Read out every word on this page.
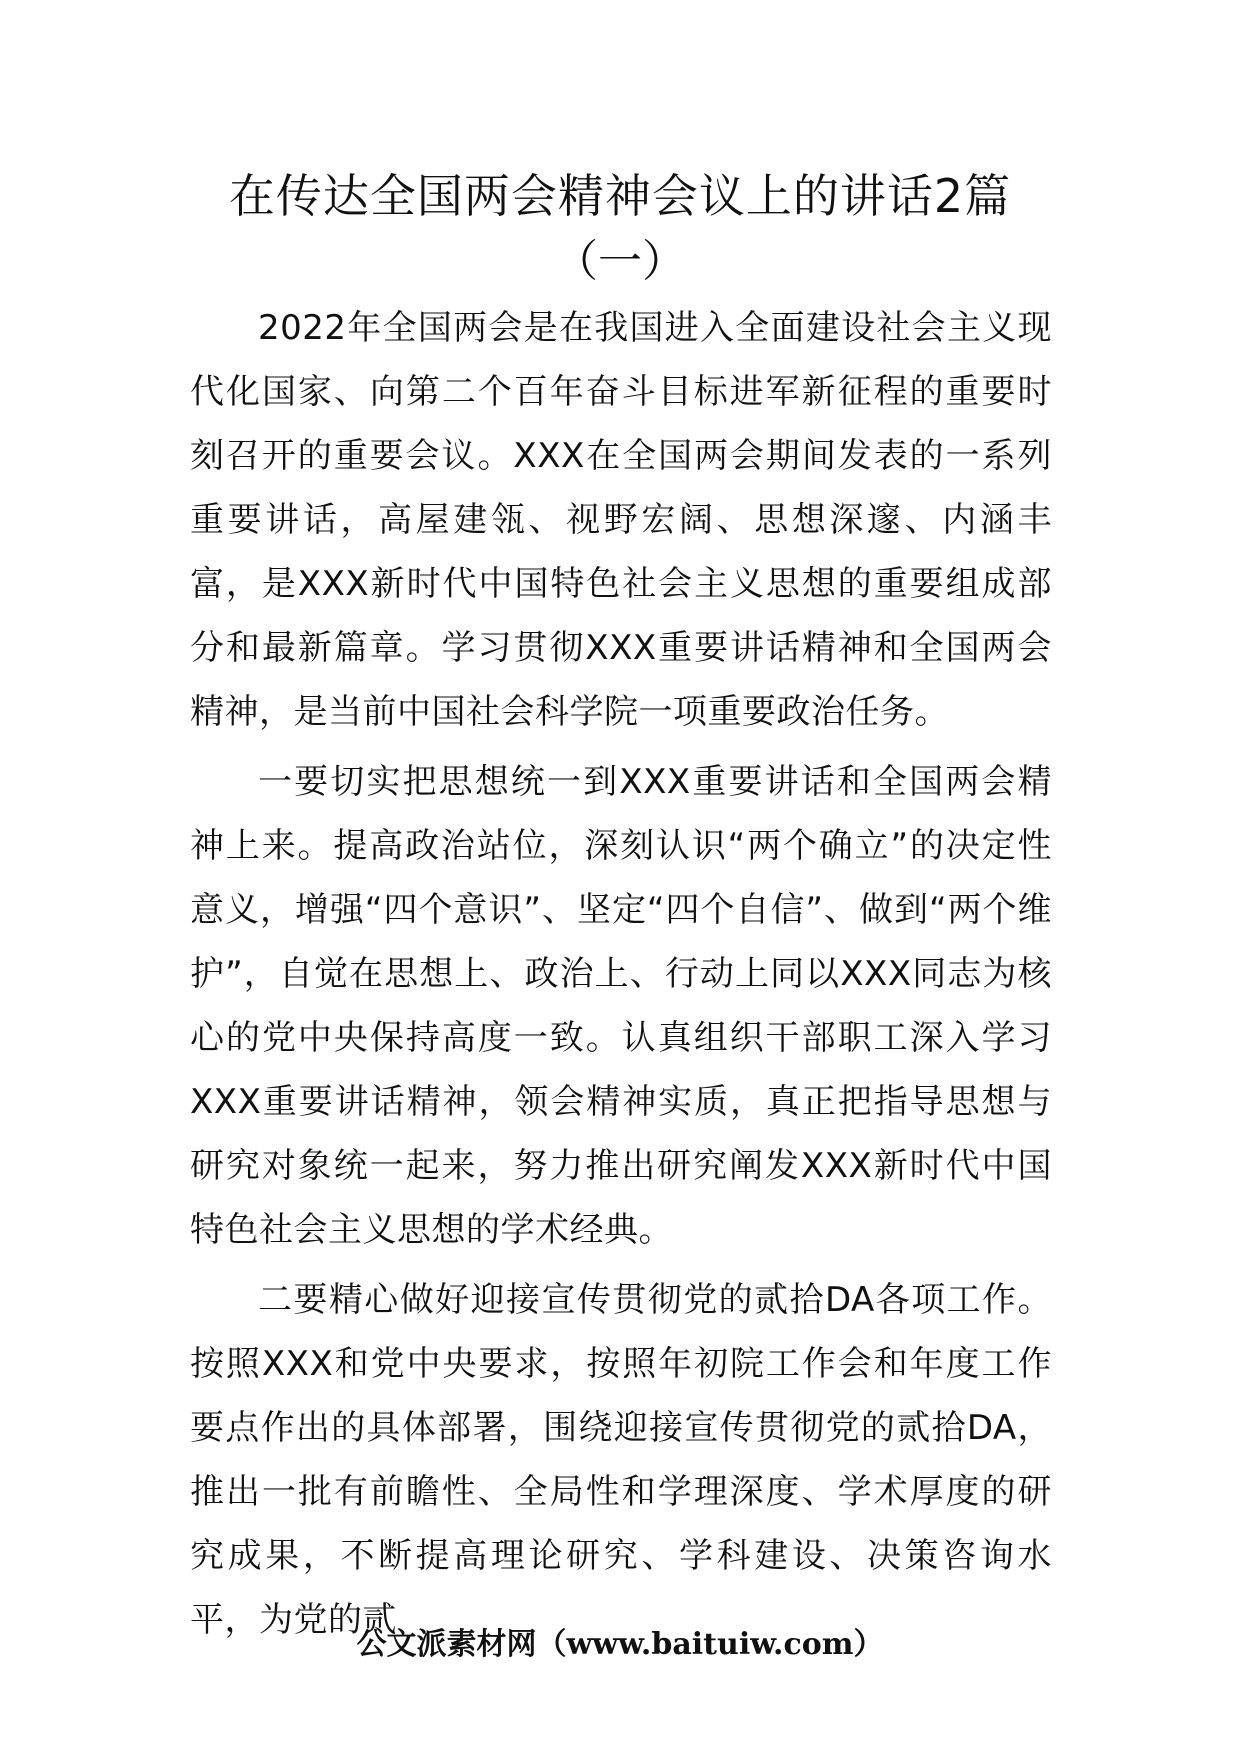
在传达全国两会精神会议上的讲话2篇
（一）

2022年全国两会是在我国进入全面建设社会主义现代化国家、向第二个百年奋斗目标进军新征程的重要时刻召开的重要会议。XXX在全国两会期间发表的一系列重要讲话，高屋建瓴、视野宏阔、思想深邃、内涵丰富，是XXX新时代中国特色社会主义思想的重要组成部分和最新篇章。学习贯彻XXX重要讲话精神和全国两会精神，是当前中国社会科学院一项重要政治任务。

一要切实把思想统一到XXX重要讲话和全国两会精神上来。提高政治站位，深刻认识“两个确立”的决定性意义，增强“四个意识”、坚定“四个自信”、做到“两个维护”，自觉在思想上、政治上、行动上同以XXX同志为核心的党中央保持高度一致。认真组织干部职工深入学习XXX重要讲话精神，领会精神实质，真正把指导思想与研究对象统一起来，努力推出研究阐发XXX新时代中国特色社会主义思想的学术经典。

二要精心做好迎接宣传贯彻党的贰拾DA各项工作。按照XXX和党中央要求，按照年初院工作会和年度工作要点作出的具体部署，围绕迎接宣传贯彻党的贰拾DA，推出一批有前瞻性、全局性和学理深度、学术厚度的研究成果，不断提高理论研究、学科建设、决策咨询水平，为党的贰

公文派素材网（www.baituiw.com）
